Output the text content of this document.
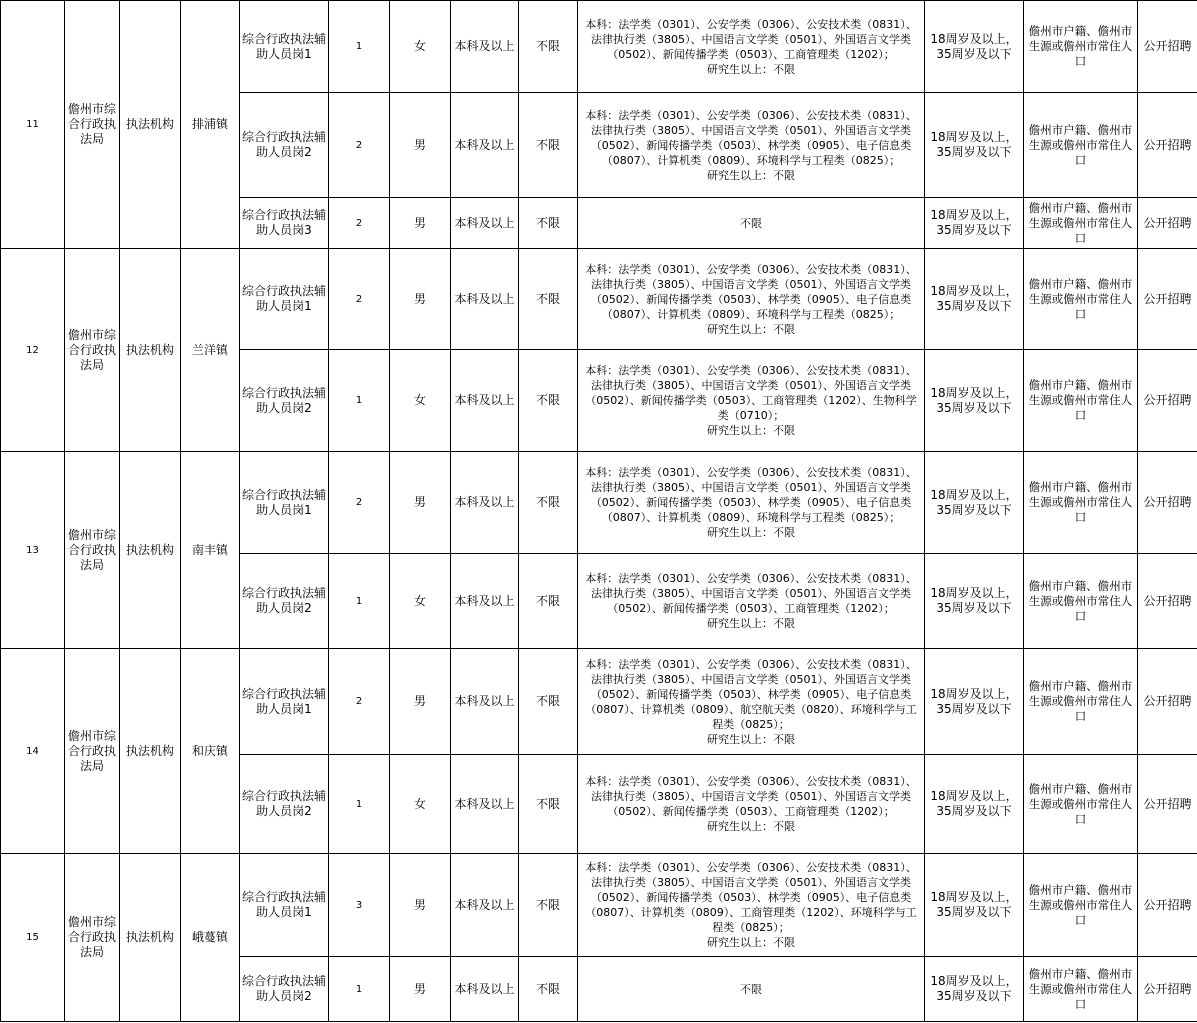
11	儋州市综合行政执法局	执法机构	排浦镇	综合行政执法辅助人员岗1	1	女	本科及以上	不限	本科：法学类（0301）、公安学类（0306）、公安技术类（0831）、法律执行类（3805）、中国语言文学类（0501）、外国语言文学类（0502）、新闻传播学类（0503）、工商管理类（1202）；
研究生以上：不限	18周岁及以上，35周岁及以下	儋州市户籍、儋州市生源或儋州市常住人口	公开招聘
				综合行政执法辅助人员岗2	2	男	本科及以上	不限	本科：法学类（0301）、公安学类（0306）、公安技术类（0831）、法律执行类（3805）、中国语言文学类（0501）、外国语言文学类（0502）、新闻传播学类（0503）、林学类（0905）、电子信息类（0807）、计算机类（0809）、环境科学与工程类（0825）；
研究生以上：不限	18周岁及以上，35周岁及以下	儋州市户籍、儋州市生源或儋州市常住人口	公开招聘
				综合行政执法辅助人员岗3	2	男	本科及以上	不限	不限	18周岁及以上，35周岁及以下	儋州市户籍、儋州市生源或儋州市常住人口	公开招聘
12	儋州市综合行政执法局	执法机构	兰洋镇	综合行政执法辅助人员岗1	2	男	本科及以上	不限	本科：法学类（0301）、公安学类（0306）、公安技术类（0831）、法律执行类（3805）、中国语言文学类（0501）、外国语言文学类（0502）、新闻传播学类（0503）、林学类（0905）、电子信息类（0807）、计算机类（0809）、环境科学与工程类（0825）；
研究生以上：不限	18周岁及以上，35周岁及以下	儋州市户籍、儋州市生源或儋州市常住人口	公开招聘
				综合行政执法辅助人员岗2	1	女	本科及以上	不限	本科：法学类（0301）、公安学类（0306）、公安技术类（0831）、法律执行类（3805）、中国语言文学类（0501）、外国语言文学类（0502）、新闻传播学类（0503）、工商管理类（1202）、生物科学类（0710）；
研究生以上：不限	18周岁及以上，35周岁及以下	儋州市户籍、儋州市生源或儋州市常住人口	公开招聘
13	儋州市综合行政执法局	执法机构	南丰镇	综合行政执法辅助人员岗1	2	男	本科及以上	不限	本科：法学类（0301）、公安学类（0306）、公安技术类（0831）、法律执行类（3805）、中国语言文学类（0501）、外国语言文学类（0502）、新闻传播学类（0503）、林学类（0905）、电子信息类（0807）、计算机类（0809）、环境科学与工程类（0825）；
研究生以上：不限	18周岁及以上，35周岁及以下	儋州市户籍、儋州市生源或儋州市常住人口	公开招聘
				综合行政执法辅助人员岗2	1	女	本科及以上	不限	本科：法学类（0301）、公安学类（0306）、公安技术类（0831）、法律执行类（3805）、中国语言文学类（0501）、外国语言文学类（0502）、新闻传播学类（0503）、工商管理类（1202）；
研究生以上：不限	18周岁及以上，35周岁及以下	儋州市户籍、儋州市生源或儋州市常住人口	公开招聘
14	儋州市综合行政执法局	执法机构	和庆镇	综合行政执法辅助人员岗1	2	男	本科及以上	不限	本科：法学类（0301）、公安学类（0306）、公安技术类（0831）、法律执行类（3805）、中国语言文学类（0501）、外国语言文学类（0502）、新闻传播学类（0503）、林学类（0905）、电子信息类（0807）、计算机类（0809）、航空航天类（0820）、环境科学与工程类（0825）；
研究生以上：不限	18周岁及以上，35周岁及以下	儋州市户籍、儋州市生源或儋州市常住人口	公开招聘
				综合行政执法辅助人员岗2	1	女	本科及以上	不限	本科：法学类（0301）、公安学类（0306）、公安技术类（0831）、法律执行类（3805）、中国语言文学类（0501）、外国语言文学类（0502）、新闻传播学类（0503）、工商管理类（1202）；
研究生以上：不限	18周岁及以上，35周岁及以下	儋州市户籍、儋州市生源或儋州市常住人口	公开招聘
15	儋州市综合行政执法局	执法机构	峨蔓镇	综合行政执法辅助人员岗1	3	男	本科及以上	不限	本科：法学类（0301）、公安学类（0306）、公安技术类（0831）、法律执行类（3805）、中国语言文学类（0501）、外国语言文学类（0502）、新闻传播学类（0503）、林学类（0905）、电子信息类（0807）、计算机类（0809）、工商管理类（1202）、环境科学与工程类（0825）；
研究生以上：不限	18周岁及以上，35周岁及以下	儋州市户籍、儋州市生源或儋州市常住人口	公开招聘
				综合行政执法辅助人员岗2	1	男	本科及以上	不限	不限	18周岁及以上，35周岁及以下	儋州市户籍、儋州市生源或儋州市常住人口	公开招聘
